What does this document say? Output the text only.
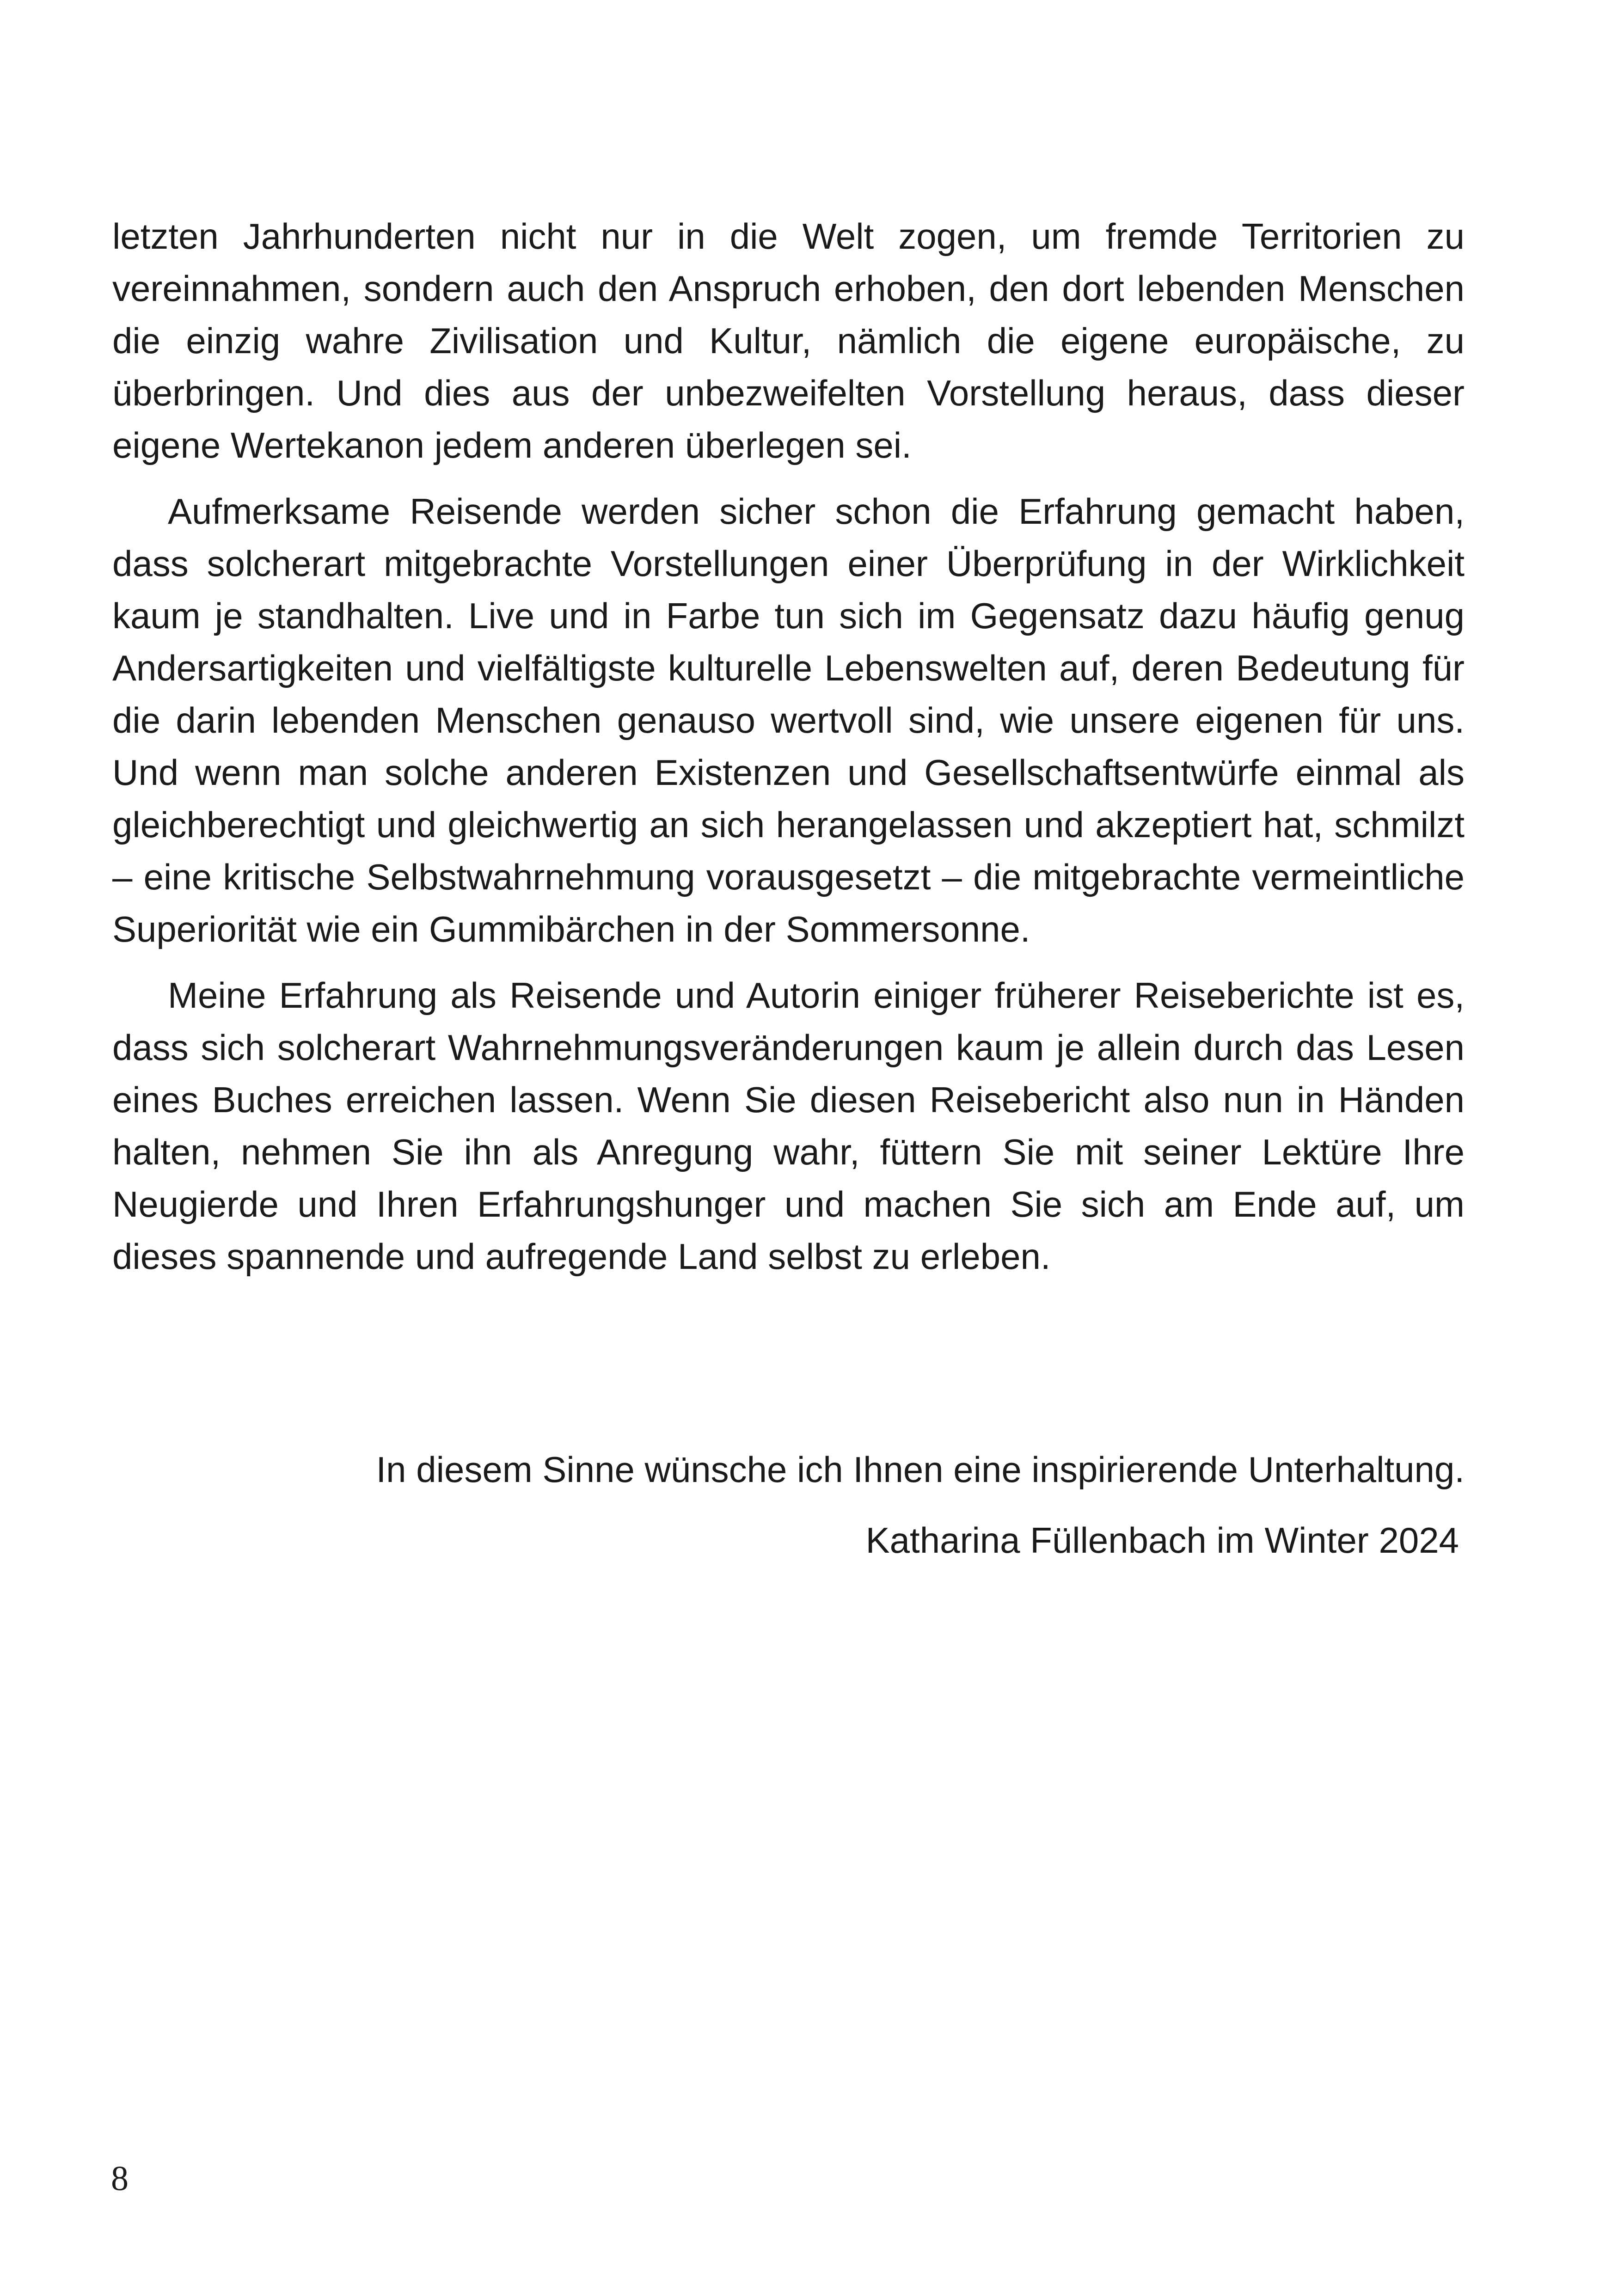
letzten Jahrhunderten nicht nur in die Welt zogen, um fremde Territorien zu vereinnahmen, sondern auch den Anspruch erhoben, den dort lebenden Menschen die einzig wahre Zivilisation und Kultur, nämlich die eigene europäische, zu überbringen. Und dies aus der unbezweifelten Vorstellung heraus, dass dieser eigene Wertekanon jedem anderen überlegen sei.

Aufmerksame Reisende werden sicher schon die Erfahrung gemacht haben, dass solcherart mitgebrachte Vorstellungen einer Überprüfung in der Wirklichkeit kaum je standhalten. Live und in Farbe tun sich im Gegensatz dazu häufig genug Andersartigkeiten und vielfältigste kulturelle Lebenswelten auf, deren Bedeutung für die darin lebenden Menschen genauso wertvoll sind, wie unsere eigenen für uns. Und wenn man solche anderen Existenzen und Gesellschaftsentwürfe einmal als gleichberechtigt und gleichwertig an sich herangelassen und akzeptiert hat, schmilzt – eine kritische Selbstwahrnehmung vorausgesetzt – die mitgebrachte vermeintliche Superiorität wie ein Gummibärchen in der Sommersonne.

Meine Erfahrung als Reisende und Autorin einiger früherer Reiseberichte ist es, dass sich solcherart Wahrnehmungsveränderungen kaum je allein durch das Lesen eines Buches erreichen lassen. Wenn Sie diesen Reisebericht also nun in Händen halten, nehmen Sie ihn als Anregung wahr, füttern Sie mit seiner Lektüre Ihre Neugierde und Ihren Erfahrungshunger und machen Sie sich am Ende auf, um dieses spannende und aufregende Land selbst zu erleben.

In diesem Sinne wünsche ich Ihnen eine inspirierende Unterhaltung.

Katharina Füllenbach im Winter 2024

8
